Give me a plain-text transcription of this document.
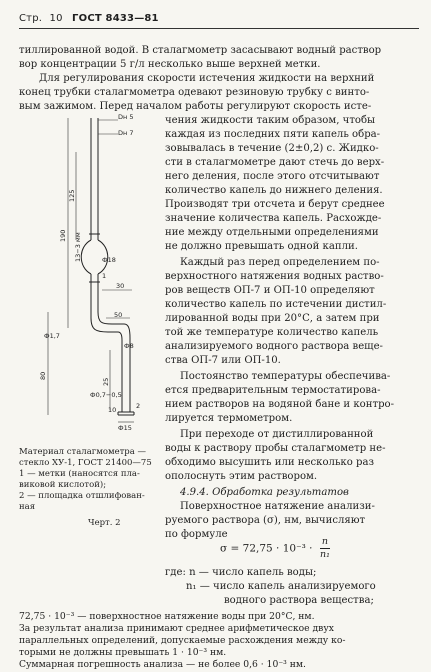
Стр. 10 ГОСТ 8433—81
тиллированной водой. В сталагмометр засасывают водный раствор
вор концентрации 5 г/л несколько выше верхней метки.
Для регулирования скорости истечения жидкости на верхний
конец трубки сталагмометра одевают резиновую трубку с винто-
вым зажимом. Перед началом работы регулируют скорость исте-
чения жидкости таким образом, чтобы
каждая из последних пяти капель обра-
зовывалась в течение (2±0,2) с. Жидко-
сти в сталагмометре дают стечь до верх-
него деления, после этого отсчитывают
количество капель до нижнего деления.
Производят три отсчета и берут среднее
значение количества капель. Расхожде-
ние между отдельными определениями
не должно превышать одной капли.
Каждый раз перед определением по-
верхностного натяжения водных раство-
ров веществ ОП-7 и ОП-10 определяют
количество капель по истечении дистил-
лированной воды при 20°С, а затем при
той же температуре количество капель
анализируемого водного раствора веще-
ства ОП-7 или ОП-10.
Постоянство температуры обеспечива-
ется предварительным термостатирова-
нием растворов на водяной бане и контро-
лируется термометром.
При переходе от дистиллированной
воды к раствору пробы сталагмометр не-
обходимо высушить или несколько раз
ополоснуть этим раствором.
4.9.4. Обработка результатов
Поверхностное натяжение анализи-
руемого раствора (σ), нм, вычисляют
по формуле
$\sigma = 72,75 \cdot 10^{-3} \cdot \frac{n}{\text{n₁}}$
Материал сталагмометра —
стекло ХУ-1, ГОСТ 21400—75
1 — метки (наносятся пла-
виковой кислотой);
2 — площадка отшлифован-
ная
Черт. 2
где: n — число капель воды;
n₁ — число капель анализируемого
водного раствора вещества;
72,75 · 10⁻³ — поверхностное натяжение воды при 20°С, нм.
За результат анализа принимают среднее арифметическое двух
параллельных определений, допускаемые расхождения между ко-
торыми не должны превышать 1 · 10⁻³ нм.
Суммарная погрешность анализа — не более 0,6 · 10⁻³ нм.
Dн 5
Dн 7
125
190 13−3 мм	Ф18
1
30
50
Ф1,7
Ф8
80
25
Ф0,7−0,5
10	2
Ф15
